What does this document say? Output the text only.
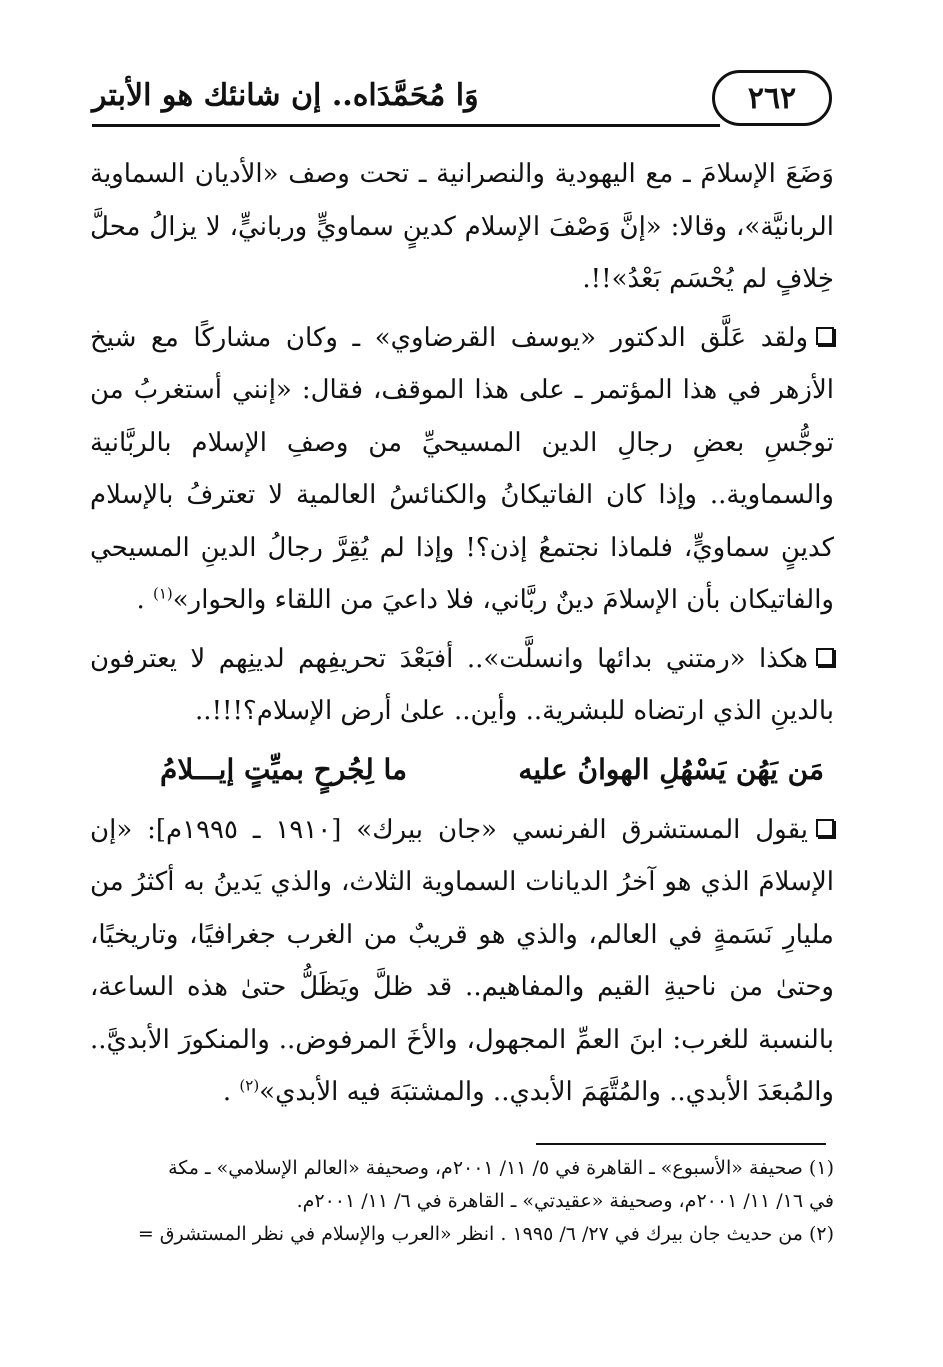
٢٦٢
وَا مُحَمَّدَاه.. إن شانئك هو الأبتر

وَضَعَ الإسلامَ ـ مع اليهودية والنصرانية ـ تحت وصف «الأديان السماوية الربانيَّة»، وقالا: «إنَّ وَصْفَ الإسلام كدينٍ سماويٍّ وربانيٍّ، لا يزالُ محلَّ خِلافٍ لم يُحْسَم بَعْدُ»!!.

ولقد عَلَّق الدكتور «يوسف القرضاوي» ـ وكان مشاركًا مع شيخ الأزهر في هذا المؤتمر ـ على هذا الموقف، فقال: «إنني أستغربُ من توجُّسِ بعضِ رجالِ الدين المسيحيِّ من وصفِ الإسلام بالربَّانية والسماوية.. وإذا كان الفاتيكانُ والكنائسُ العالمية لا تعترفُ بالإسلام كدينٍ سماويٍّ، فلماذا نجتمعُ إذن؟! وإذا لم يُقِرَّ رجالُ الدينِ المسيحي والفاتيكان بأن الإسلامَ دينٌ ربَّاني، فلا داعيَ من اللقاء والحوار»$^{(١)}$ .

هكذا «رمتني بدائها وانسلَّت».. أفبَعْدَ تحريفِهم لدينِهم لا يعترفون بالدينِ الذي ارتضاه للبشرية.. وأين.. علىٰ أرض الإسلام؟!!!..

مَن يَهُن يَسْهُلِ الهوانُ عليه
ما لِجُرحٍ بميِّتٍ إيـــلامُ

يقول المستشرق الفرنسي «جان بيرك» [١٩١٠ ـ ١٩٩٥م]: «إن الإسلامَ الذي هو آخرُ الديانات السماوية الثلاث، والذي يَدينُ به أكثرُ من مليارِ نَسَمةٍ في العالم، والذي هو قريبٌ من الغرب جغرافيًا، وتاريخيًا، وحتىٰ من ناحيةِ القيم والمفاهيم.. قد ظلَّ ويَظَلُّ حتىٰ هذه الساعة، بالنسبة للغرب: ابنَ العمِّ المجهول، والأخَ المرفوض.. والمنكورَ الأبديَّ.. والمُبعَدَ الأبدي.. والمُتَّهَمَ الأبدي.. والمشتبَهَ فيه الأبدي»$^{(٢)}$ .

(١) صحيفة «الأسبوع» ـ القاهرة في ٥/ ١١/ ٢٠٠١م، وصحيفة «العالم الإسلامي» ـ مكة

في ١٦/ ١١/ ٢٠٠١م، وصحيفة «عقيدتي» ـ القاهرة في ٦/ ١١/ ٢٠٠١م.

(٢) من حديث جان بيرك في ٢٧/ ٦/ ١٩٩٥ . انظر «العرب والإسلام في نظر المستشرق =
